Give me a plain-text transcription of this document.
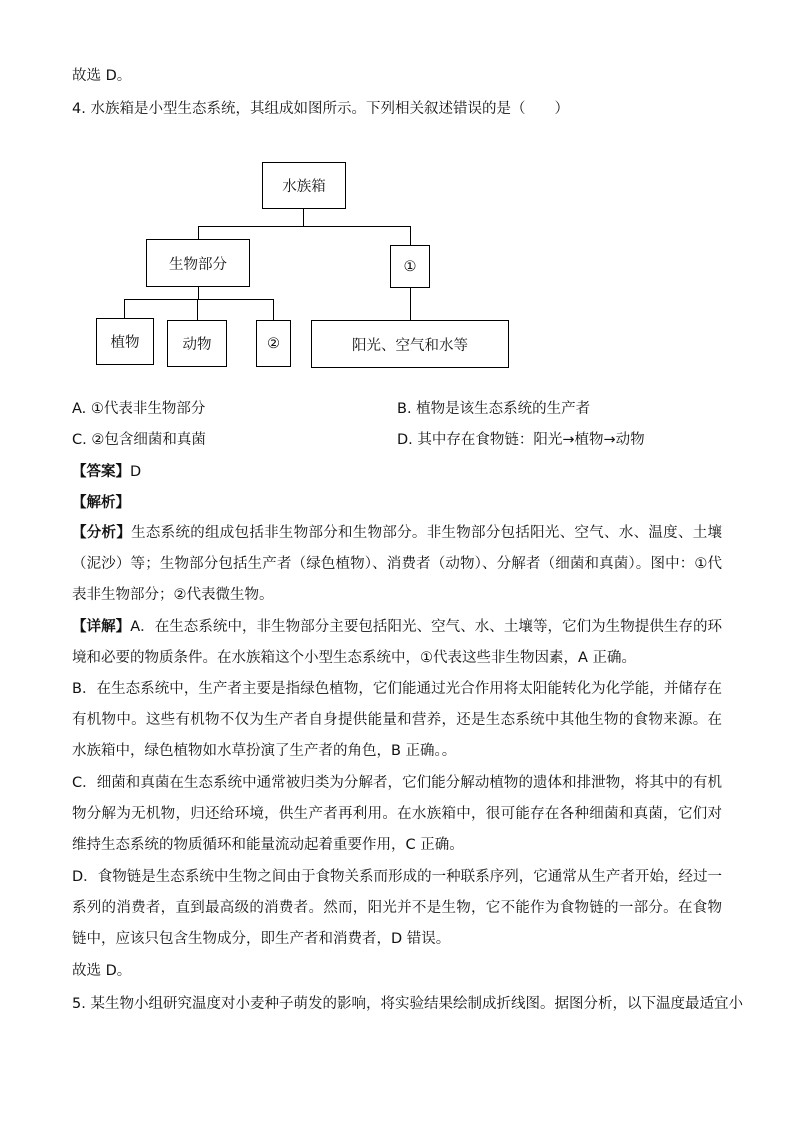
故选 D。
4. 水族箱是小型生态系统，其组成如图所示。下列相关叙述错误的是（　　）
水族箱
生物部分	①
植物	动物	②	阳光、空气和水等
A. ①代表非生物部分	B. 植物是该生态系统的生产者
C. ②包含细菌和真菌	D. 其中存在食物链：阳光→植物→动物
【答案】D
【解析】
【分析】生态系统的组成包括非生物部分和生物部分。非生物部分包括阳光、空气、水、温度、土壤（泥沙）等；生物部分包括生产者（绿色植物）、消费者（动物）、分解者（细菌和真菌）。图中：①代表非生物部分；②代表微生物。
【详解】A．在生态系统中，非生物部分主要包括阳光、空气、水、土壤等，它们为生物提供生存的环境和必要的物质条件。在水族箱这个小型生态系统中，①代表这些非生物因素，A 正确。
B．在生态系统中，生产者主要是指绿色植物，它们能通过光合作用将太阳能转化为化学能，并储存在有机物中。这些有机物不仅为生产者自身提供能量和营养，还是生态系统中其他生物的食物来源。在水族箱中，绿色植物如水草扮演了生产者的角色，B 正确。。
C．细菌和真菌在生态系统中通常被归类为分解者，它们能分解动植物的遗体和排泄物，将其中的有机物分解为无机物，归还给环境，供生产者再利用。在水族箱中，很可能存在各种细菌和真菌，它们对维持生态系统的物质循环和能量流动起着重要作用，C 正确。
D．食物链是生态系统中生物之间由于食物关系而形成的一种联系序列，它通常从生产者开始，经过一系列的消费者，直到最高级的消费者。然而，阳光并不是生物，它不能作为食物链的一部分。在食物链中，应该只包含生物成分，即生产者和消费者，D 错误。
故选 D。
5. 某生物小组研究温度对小麦种子萌发的影响，将实验结果绘制成折线图。据图分析，以下温度最适宜小
